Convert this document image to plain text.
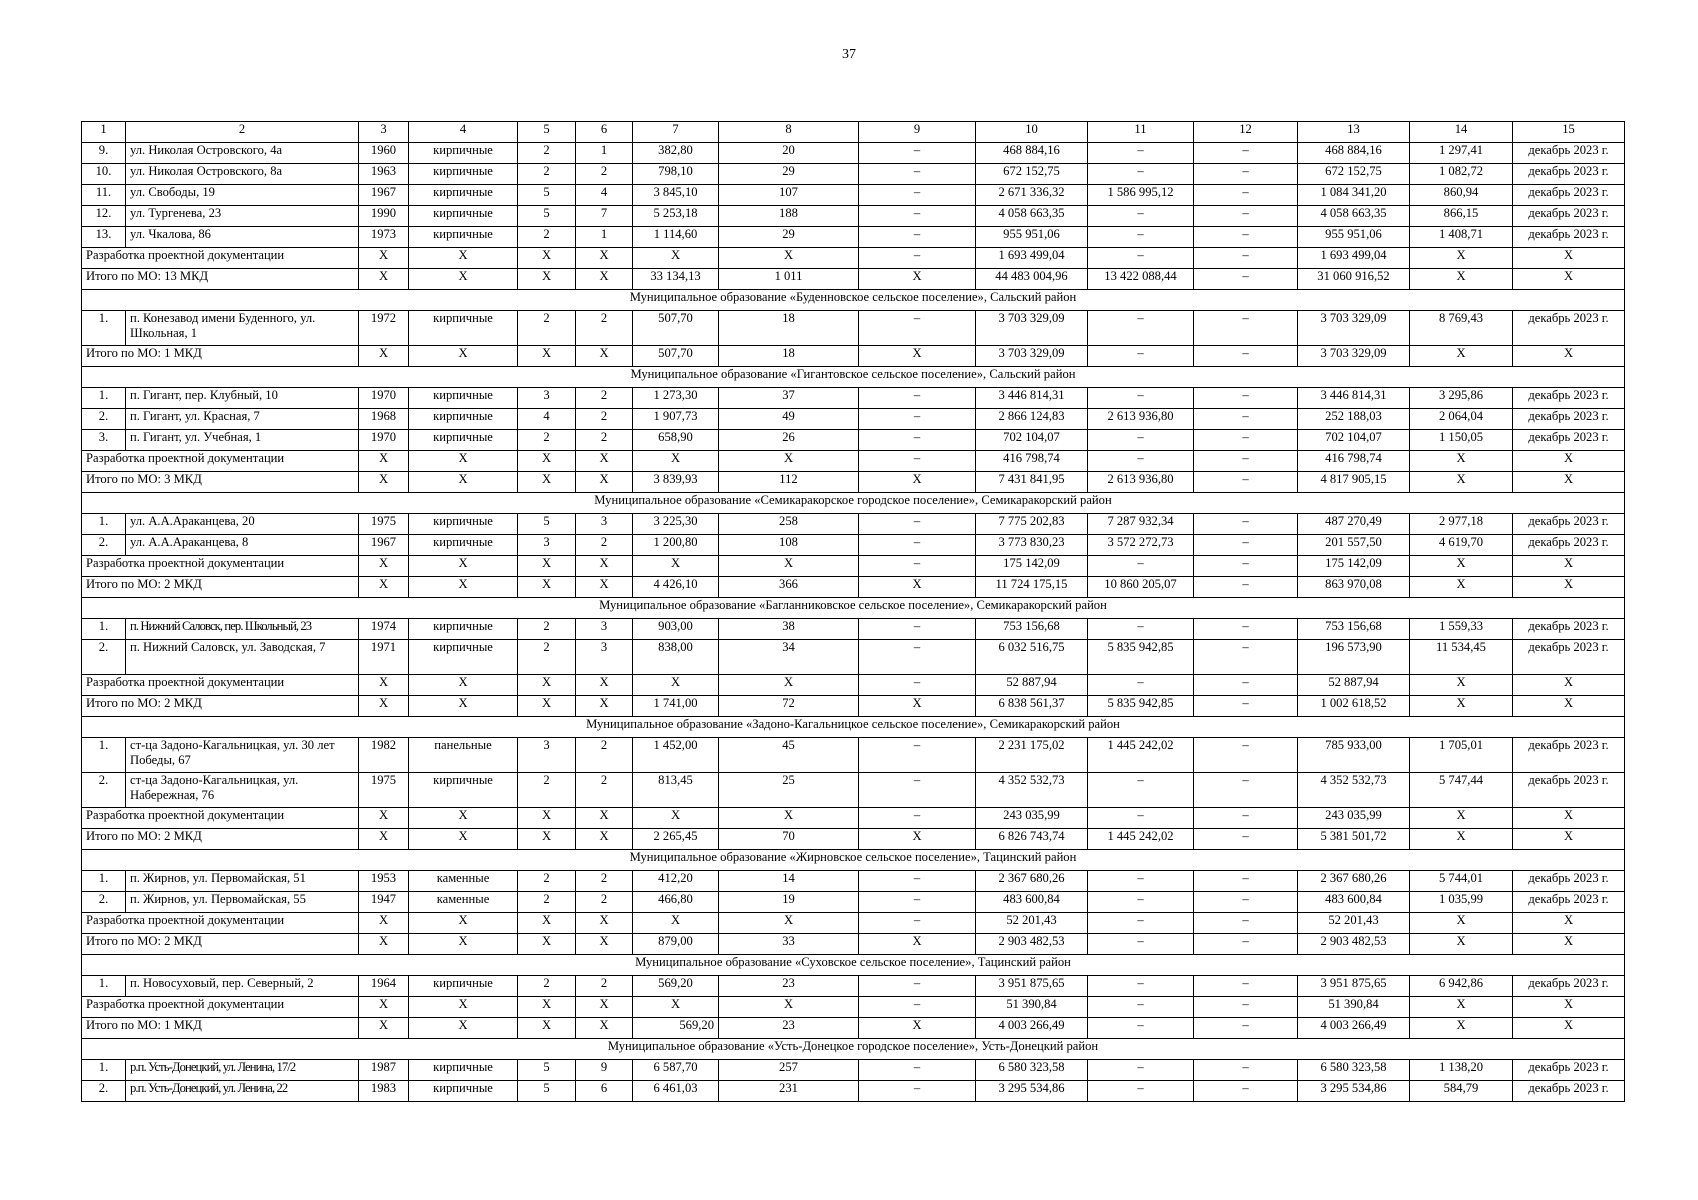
37
1	2	3	4	5	6	7	8	9	10	11	12	13	14	15
9.	ул. Николая Островского, 4а	1960	кирпичные	2	1	382,80	20	–	468 884,16	–	–	468 884,16	1 297,41	декабрь 2023 г.
10.	ул. Николая Островского, 8а	1963	кирпичные	2	2	798,10	29	–	672 152,75	–	–	672 152,75	1 082,72	декабрь 2023 г.
11.	ул. Свободы, 19	1967	кирпичные	5	4	3 845,10	107	–	2 671 336,32	1 586 995,12	–	1 084 341,20	860,94	декабрь 2023 г.
12.	ул. Тургенева, 23	1990	кирпичные	5	7	5 253,18	188	–	4 058 663,35	–	–	4 058 663,35	866,15	декабрь 2023 г.
13.	ул. Чкалова, 86	1973	кирпичные	2	1	1 114,60	29	–	955 951,06	–	–	955 951,06	1 408,71	декабрь 2023 г.
Разработка проектной документации		Х	Х	Х	Х	Х	Х	–	1 693 499,04	–	–	1 693 499,04	Х	Х
Итого по МО: 13 МКД		Х	Х	Х	Х	33 134,13	1 011	Х	44 483 004,96	13 422 088,44	–	31 060 916,52	Х	Х
Муниципальное образование «Буденновское сельское поселение», Сальский район														
1.	п. Конезавод имени Буденного, ул. Школьная, 1	1972	кирпичные	2	2	507,70	18	–	3 703 329,09	–	–	3 703 329,09	8 769,43	декабрь 2023 г.
Итого по МО: 1 МКД		Х	Х	Х	Х	507,70	18	Х	3 703 329,09	–	–	3 703 329,09	Х	Х
Муниципальное образование «Гигантовское сельское поселение», Сальский район														
1.	п. Гигант, пер. Клубный, 10	1970	кирпичные	3	2	1 273,30	37	–	3 446 814,31	–	–	3 446 814,31	3 295,86	декабрь 2023 г.
2.	п. Гигант, ул. Красная, 7	1968	кирпичные	4	2	1 907,73	49	–	2 866 124,83	2 613 936,80	–	252 188,03	2 064,04	декабрь 2023 г.
3.	п. Гигант, ул. Учебная, 1	1970	кирпичные	2	2	658,90	26	–	702 104,07	–	–	702 104,07	1 150,05	декабрь 2023 г.
Разработка проектной документации		Х	Х	Х	Х	Х	Х	–	416 798,74	–	–	416 798,74	Х	Х
Итого по МО: 3 МКД		Х	Х	Х	Х	3 839,93	112	Х	7 431 841,95	2 613 936,80	–	4 817 905,15	Х	Х
Муниципальное образование «Семикаракорское городское поселение», Семикаракорский район														
1.	ул. А.А.Араканцева, 20	1975	кирпичные	5	3	3 225,30	258	–	7 775 202,83	7 287 932,34	–	487 270,49	2 977,18	декабрь 2023 г.
2.	ул. А.А.Араканцева, 8	1967	кирпичные	3	2	1 200,80	108	–	3 773 830,23	3 572 272,73	–	201 557,50	4 619,70	декабрь 2023 г.
Разработка проектной документации		Х	Х	Х	Х	Х	Х	–	175 142,09	–	–	175 142,09	Х	Х
Итого по МО: 2 МКД		Х	Х	Х	Х	4 426,10	366	Х	11 724 175,15	10 860 205,07	–	863 970,08	Х	Х
Муниципальное образование «Багланниковское сельское поселение», Семикаракорский район														
1.	п. Нижний Саловск, пер. Школьный, 23	1974	кирпичные	2	3	903,00	38	–	753 156,68	–	–	753 156,68	1 559,33	декабрь 2023 г.
2.	п. Нижний Саловск, ул. Заводская, 7	1971	кирпичные	2	3	838,00	34	–	6 032 516,75	5 835 942,85	–	196 573,90	11 534,45	декабрь 2023 г.
Разработка проектной документации		Х	Х	Х	Х	Х	Х	–	52 887,94	–	–	52 887,94	Х	Х
Итого по МО: 2 МКД		Х	Х	Х	Х	1 741,00	72	Х	6 838 561,37	5 835 942,85	–	1 002 618,52	Х	Х
Муниципальное образование «Задоно-Кагальницкое сельское поселение», Семикаракорский район														
1.	ст-ца Задоно-Кагальницкая, ул. 30 лет Победы, 67	1982	панельные	3	2	1 452,00	45	–	2 231 175,02	1 445 242,02	–	785 933,00	1 705,01	декабрь 2023 г.
2.	ст-ца Задоно-Кагальницкая, ул. Набережная, 76	1975	кирпичные	2	2	813,45	25	–	4 352 532,73	–	–	4 352 532,73	5 747,44	декабрь 2023 г.
Разработка проектной документации		Х	Х	Х	Х	Х	Х	–	243 035,99	–	–	243 035,99	Х	Х
Итого по МО: 2 МКД		Х	Х	Х	Х	2 265,45	70	Х	6 826 743,74	1 445 242,02	–	5 381 501,72	Х	Х
Муниципальное образование «Жирновское сельское поселение», Тацинский район														
1.	п. Жирнов, ул. Первомайская, 51	1953	каменные	2	2	412,20	14	–	2 367 680,26	–	–	2 367 680,26	5 744,01	декабрь 2023 г.
2.	п. Жирнов, ул. Первомайская, 55	1947	каменные	2	2	466,80	19	–	483 600,84	–	–	483 600,84	1 035,99	декабрь 2023 г.
Разработка проектной документации		Х	Х	Х	Х	Х	Х	–	52 201,43	–	–	52 201,43	Х	Х
Итого по МО: 2 МКД		Х	Х	Х	Х	879,00	33	Х	2 903 482,53	–	–	2 903 482,53	Х	Х
Муниципальное образование «Суховское сельское поселение», Тацинский район														
1.	п. Новосуховый, пер. Северный, 2	1964	кирпичные	2	2	569,20	23	–	3 951 875,65	–	–	3 951 875,65	6 942,86	декабрь 2023 г.
Разработка проектной документации		Х	Х	Х	Х	Х	Х	–	51 390,84	–	–	51 390,84	Х	Х
Итого по МО: 1 МКД		Х	Х	Х	Х	569,20	23	Х	4 003 266,49	–	–	4 003 266,49	Х	Х
Муниципальное образование «Усть-Донецкое городское поселение», Усть-Донецкий район														
1.	р.п. Усть-Донецкий, ул. Ленина, 17/2	1987	кирпичные	5	9	6 587,70	257	–	6 580 323,58	–	–	6 580 323,58	1 138,20	декабрь 2023 г.
2.	р.п. Усть-Донецкий, ул. Ленина, 22	1983	кирпичные	5	6	6 461,03	231	–	3 295 534,86	–	–	3 295 534,86	584,79	декабрь 2023 г.
